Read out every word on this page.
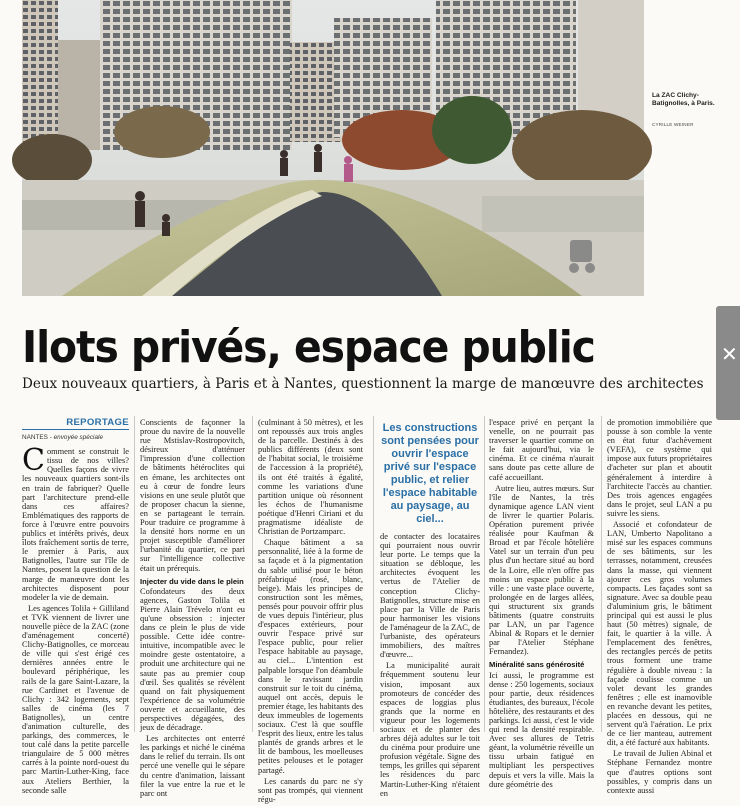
La ZAC Clichy-Batignolles, à Paris.
CYRILLE WEINER
✕
Ilots privés, espace public
Deux nouveaux quartiers, à Paris et à Nantes, questionnent la marge de manœuvre des architectes
REPORTAGE
NANTES - envoyée spéciale

Comment se construit le tissu de nos villes? Quelles façons de vivre les nouveaux quartiers sont-ils en train de fabriquer? Quelle part l'architecture prend-elle dans ces affaires? Emblématiques des rapports de force à l'œuvre entre pouvoirs publics et intérêts privés, deux îlots fraîchement sortis de terre, le premier à Paris, aux Batignolles, l'autre sur l'île de Nantes, posent la question de la marge de manœuvre dont les architectes disposent pour modeler la vie de demain.

Les agences Tolila + Gilliland et TVK viennent de livrer une nouvelle pièce de la ZAC (zone d'aménagement concerté) Clichy-Batignolles, ce morceau de ville qui s'est érigé ces dernières années entre le boulevard périphérique, les rails de la gare Saint-Lazare, la rue Cardinet et l'avenue de Clichy : 342 logements, sept salles de cinéma (les 7 Batignolles), un centre d'animation culturelle, des parkings, des commerces, le tout calé dans la petite parcelle triangulaire de 5 000 mètres carrés à la pointe nord-ouest du parc Martin-Luther-King, face aux Ateliers Berthier, la seconde salle

Conscients de façonner la proue du navire de la nouvelle rue Mstislav-Rostropovitch, désireux d'atténuer l'impression d'une collection de bâtiments hétéroclites qui en émane, les architectes ont eu à cœur de fondre leurs visions en une seule plutôt que de proposer chacun la sienne, en se partageant le terrain. Pour traduire ce programme à la densité hors norme en un projet susceptible d'améliorer l'urbanité du quartier, ce pari sur l'intelligence collective était un prérequis.

Injecter du vide dans le plein

Cofondateurs des deux agences, Gaston Tolila et Pierre Alain Trévelo n'ont eu qu'une obsession : injecter dans ce plein le plus de vide possible. Cette idée contre-intuitive, incompatible avec le moindre geste ostentatoire, a produit une architecture qui ne saute pas au premier coup d'œil. Ses qualités se révèlent quand on fait physiquement l'expérience de sa volumétrie ouverte et accueillante, des perspectives dégagées, des jeux de décadrage.

Les architectes ont enterré les parkings et niché le cinéma dans le relief du terrain. Ils ont percé une venelle qui le sépare du centre d'animation, laissant filer la vue entre la rue et le parc ont

(culminant à 50 mètres), et les ont repoussés aux trois angles de la parcelle. Destinés à des publics différents (deux sont de l'habitat social, le troisième de l'accession à la propriété), ils ont été traités à égalité, comme les variations d'une partition unique où résonnent les échos de l'humanisme poétique d'Henri Ciriani et du pragmatisme idéaliste de Christian de Portzamparc.

Chaque bâtiment a sa personnalité, liée à la forme de sa façade et à la pigmentation du sable utilisé pour le béton préfabriqué (rosé, blanc, beige). Mais les principes de construction sont les mêmes, pensés pour pouvoir offrir plus de vues depuis l'intérieur, plus d'espaces extérieurs, pour ouvrir l'espace privé sur l'espace public, pour relier l'espace habitable au paysage, au ciel... L'intention est palpable lorsque l'on déambule dans le ravissant jardin construit sur le toit du cinéma, auquel ont accès, depuis le premier étage, les habitants des deux immeubles de logements sociaux. C'est là que souffle l'esprit des lieux, entre les talus plantés de grands arbres et le lit de bambous, les moelleuses petites pelouses et le potager partagé.

Les canards du parc ne s'y sont pas trompés, qui viennent régu-

Les constructions sont pensées pour ouvrir l'espace privé sur l'espace public, et relier l'espace habitable au paysage, au ciel...

de contacter des locataires qui pourraient nous ouvrir leur porte. Le temps que la situation se débloque, les architectes évoquent les vertus de l'Atelier de conception Clichy-Batignolles, structure mise en place par la Ville de Paris pour harmoniser les visions de l'aménageur de la ZAC, de l'urbaniste, des opérateurs immobiliers, des maîtres d'œuvre...

La municipalité aurait fréquemment soutenu leur vision, imposant aux promoteurs de concéder des espaces de loggias plus grands que la norme en vigueur pour les logements sociaux et de planter des arbres déjà adultes sur le toit du cinéma pour produire une profusion végétale. Signe des temps, les grilles qui séparent les résidences du parc Martin-Luther-King n'étaient en

l'espace privé en perçant la venelle, on ne pourrait pas traverser le quartier comme on le fait aujourd'hui, via le cinéma. Et ce cinéma n'aurait sans doute pas cette allure de café accueillant.

Autre lieu, autres mœurs. Sur l'île de Nantes, la très dynamique agence LAN vient de livrer le quartier Polaris. Opération purement privée réalisée pour Kaufman & Broad et par l'école hôtelière Vatel sur un terrain d'un peu plus d'un hectare situé au bord de la Loire, elle n'en offre pas moins un espace public à la ville : une vaste place ouverte, prolongée en de larges allées, qui structurent six grands bâtiments (quatre construits par LAN, un par l'agence Abinal & Ropars et le dernier par l'Atelier Stéphane Fernandez).

Minéralité sans générosité

Ici aussi, le programme est dense : 250 logements, sociaux pour partie, deux résidences étudiantes, des bureaux, l'école hôtelière, des restaurants et des parkings. Ici aussi, c'est le vide qui rend la densité respirable. Avec ses allures de Tetris géant, la volumétrie réveille un tissu urbain fatigué en multipliant les perspectives depuis et vers la ville. Mais la dure géométrie des

de promotion immobilière que pousse à son comble la vente en état futur d'achèvement (VEFA), ce système qui impose aux futurs propriétaires d'acheter sur plan et aboutit généralement à interdire à l'architecte l'accès au chantier. Des trois agences engagées dans le projet, seul LAN a pu suivre les siens.

Associé et cofondateur de LAN, Umberto Napolitano a misé sur les espaces communs de ses bâtiments, sur les terrasses, notamment, creusées dans la masse, qui viennent ajourer ces gros volumes compacts. Les façades sont sa signature. Avec sa double peau d'aluminium gris, le bâtiment principal qui est aussi le plus haut (50 mètres) signale, de fait, le quartier à la ville. À l'emplacement des fenêtres, des rectangles percés de petits trous forment une trame régulière à double niveau : la façade coulisse comme un volet devant les grandes fenêtres ; elle est inamovible en revanche devant les petites, placées en dessous, qui ne servent qu'à l'aération. Le prix de ce lier manteau, autrement dit, a été facturé aux habitants.

Le travail de Julien Abinal et Stéphane Fernandez montre que d'autres options sont possibles, y compris dans un contexte aussi
